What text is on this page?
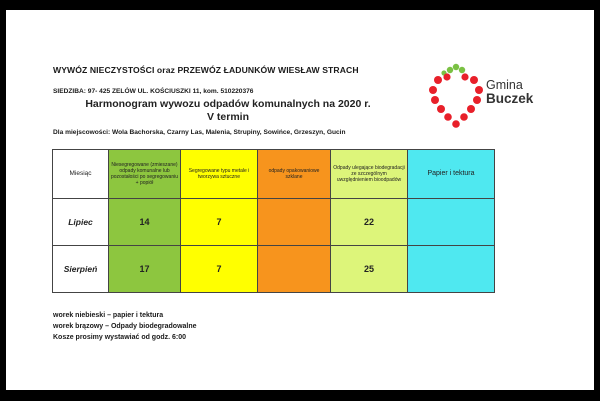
WYWÓZ NIECZYSTOŚCI oraz PRZEWÓZ ŁADUNKÓW WIESŁAW STRACH
SIEDZIBA: 97- 425 ZELÓW UL. KOŚCIUSZKI 11, kom. 510220376
Harmonogram wywozu odpadów komunalnych na 2020 r.
V termin
Dla miejscowości: Wola Bachorska, Czarny Las, Malenia, Strupiny, Sowińce, Grzeszyn, Gucin
Gmina
Buczek
Miesiąc	Niesegregowane (zmieszane) odpady komunalne lub pozostałości po segregowaniu + popiół	Segregowane typu metale i tworzywa sztuczne	odpady opakowaniowe szklane	Odpady ulegające biodegradacji ze szczególnym uwzględnieniem bioodpadów	Papier i tektura
Lipiec	14	7		22	
Sierpień	17	7		25	
worek niebieski – papier i tektura
worek brązowy – Odpady biodegradowalne
Kosze prosimy wystawiać od godz. 6:00
